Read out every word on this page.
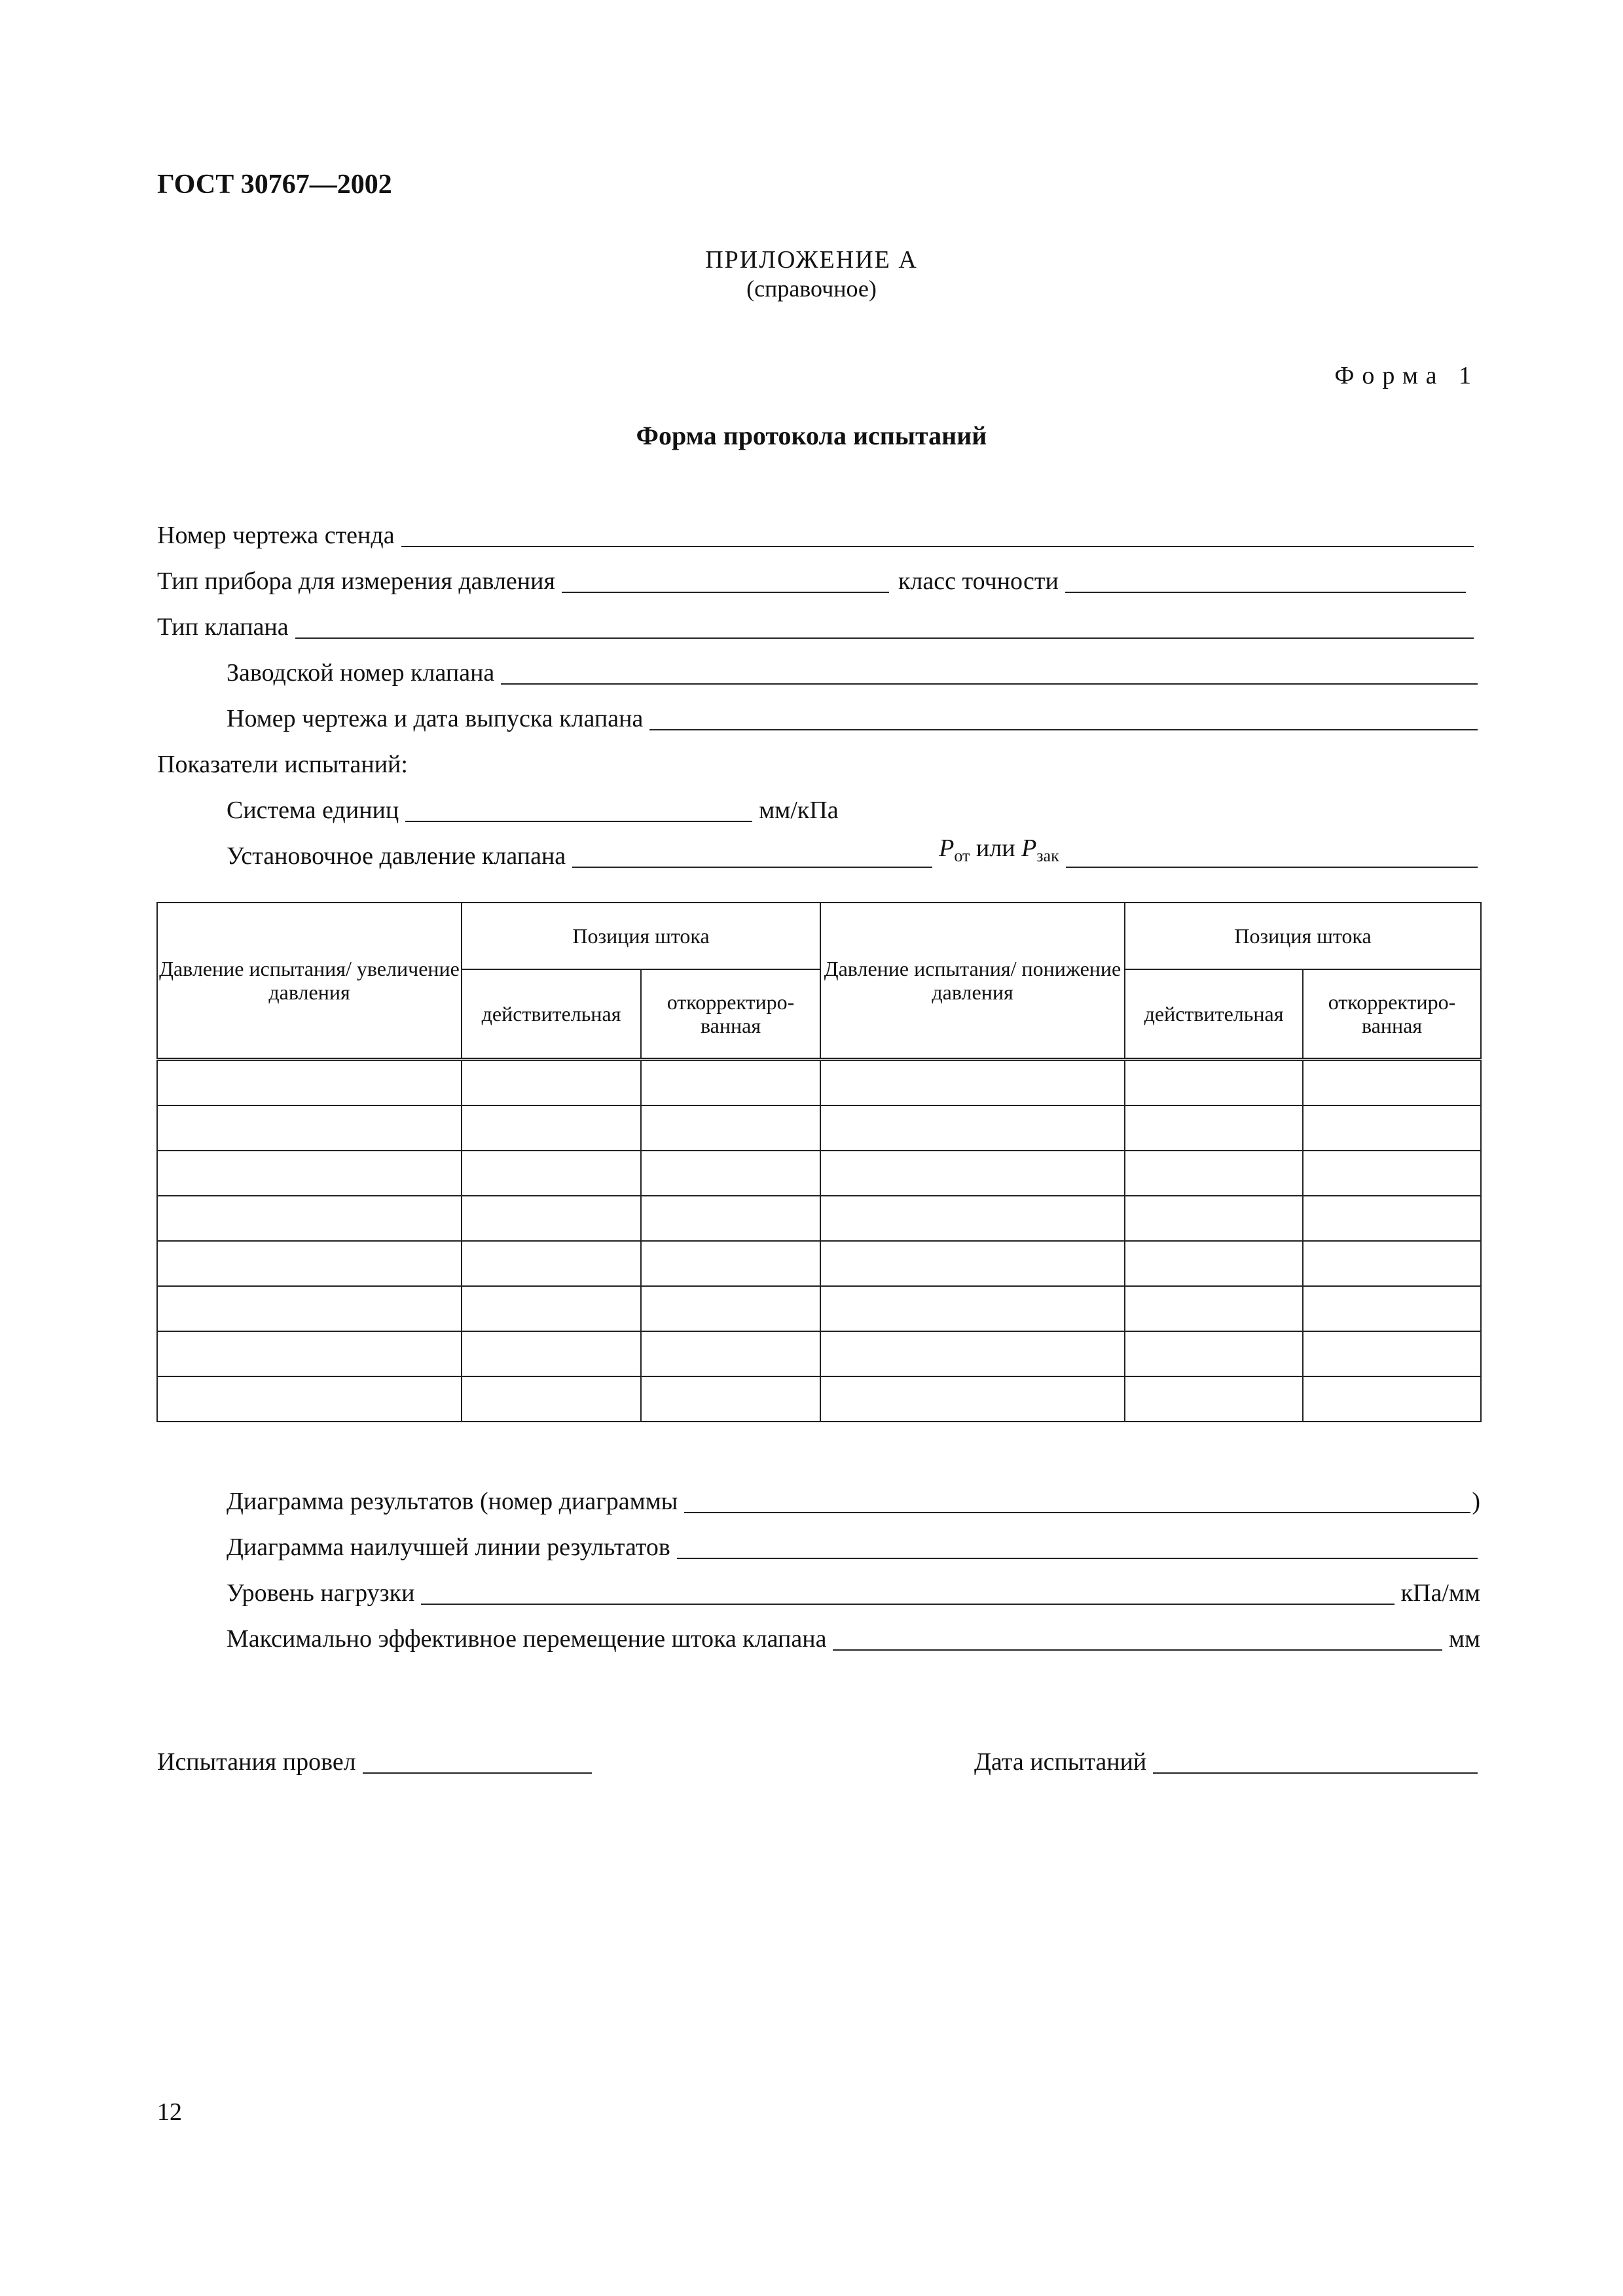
ГОСТ 30767—2002
ПРИЛОЖЕНИЕ А
(справочное)
Форма 1
Форма протокола испытаний
Номер чертежа стенда
Тип прибора для измерения давления	класс точности
Тип клапана
Заводской номер клапана
Номер чертежа и дата выпуска клапана
Показатели испытаний:
Система единиц	мм/кПа
Установочное давление клапана	$P_{от}$ или $P_{зак}$
Давление испытания/ увеличение давления	Позиция штока		Давление испытания/ понижение давления	Позиция штока	
	действительная	откорректиро- ванная		действительная	откорректиро- ванная

Диаграмма результатов (номер диаграммы	)
Диаграмма наилучшей линии результатов
Уровень нагрузки	кПа/мм
Максимально эффективное перемещение штока клапана	мм
Испытания провел	Дата испытаний
12
